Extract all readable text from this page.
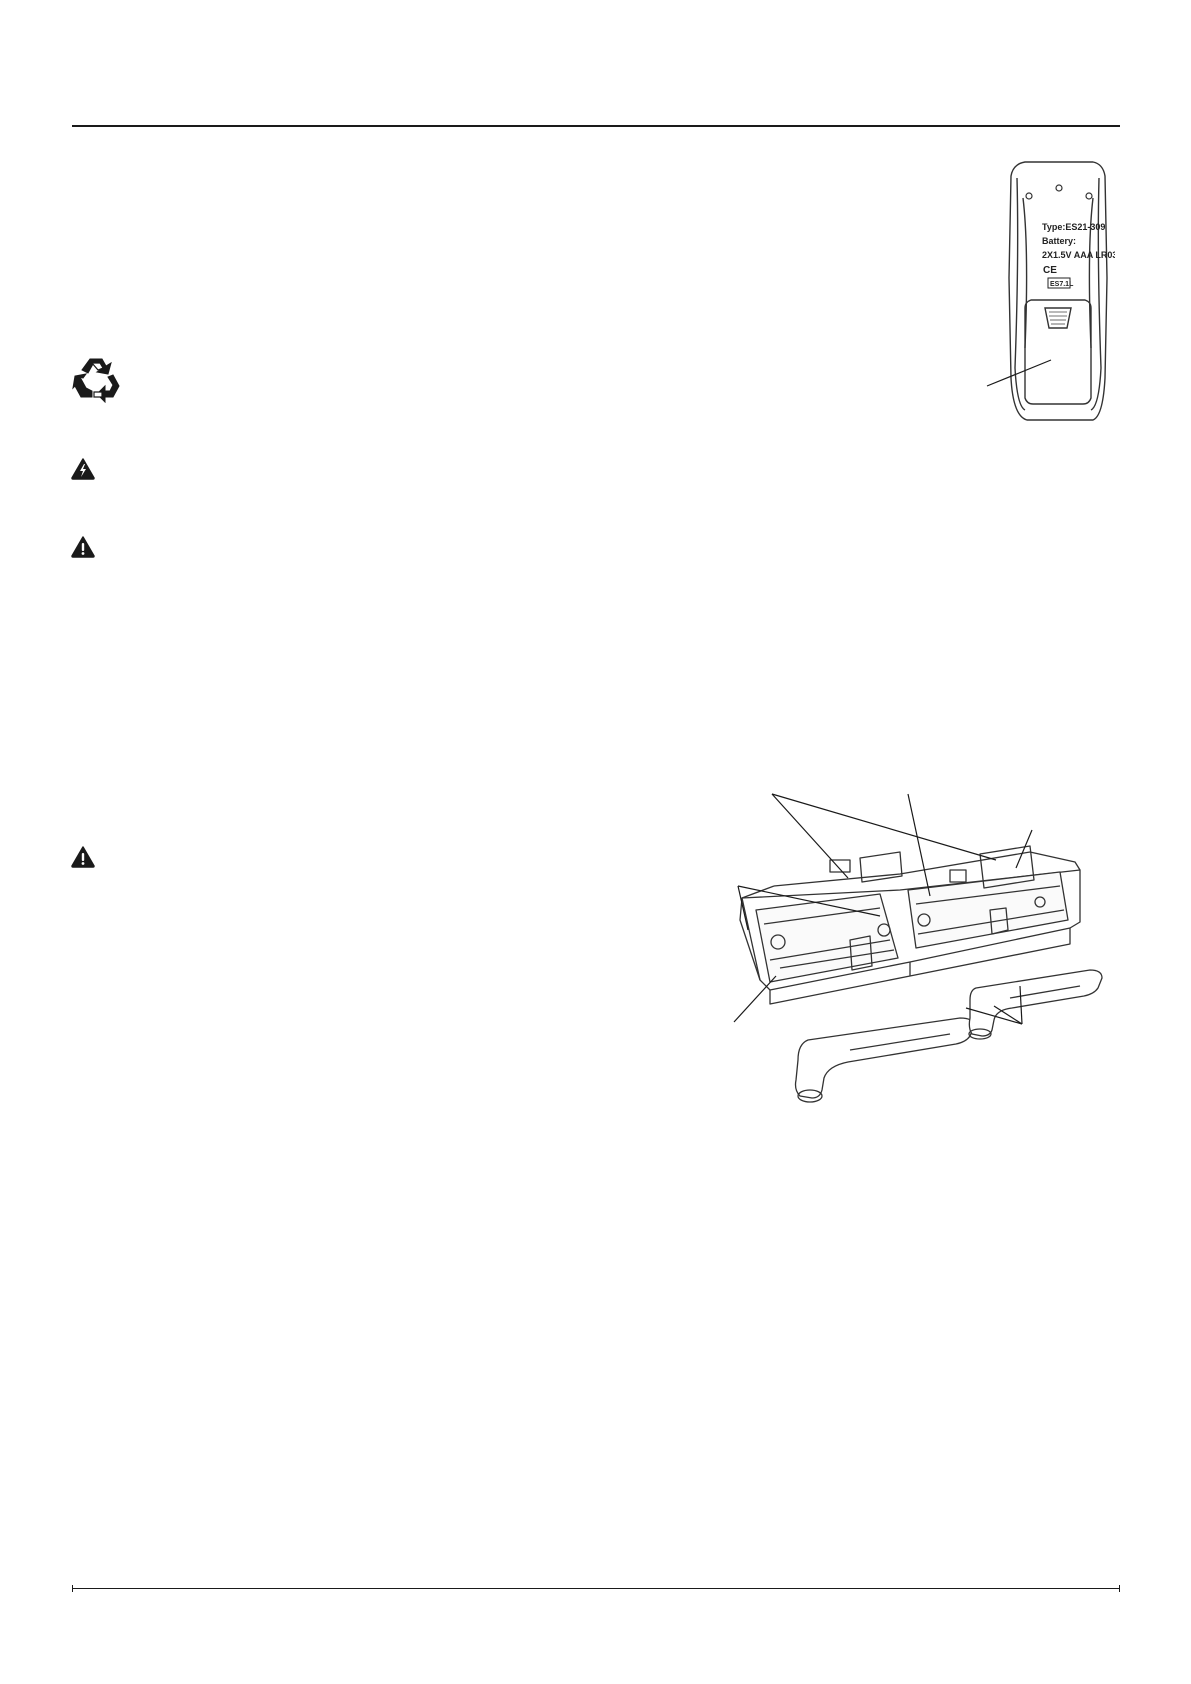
Type:ES21-309
Battery:
2X1.5V AAA LR03
CE
ES7.1L
